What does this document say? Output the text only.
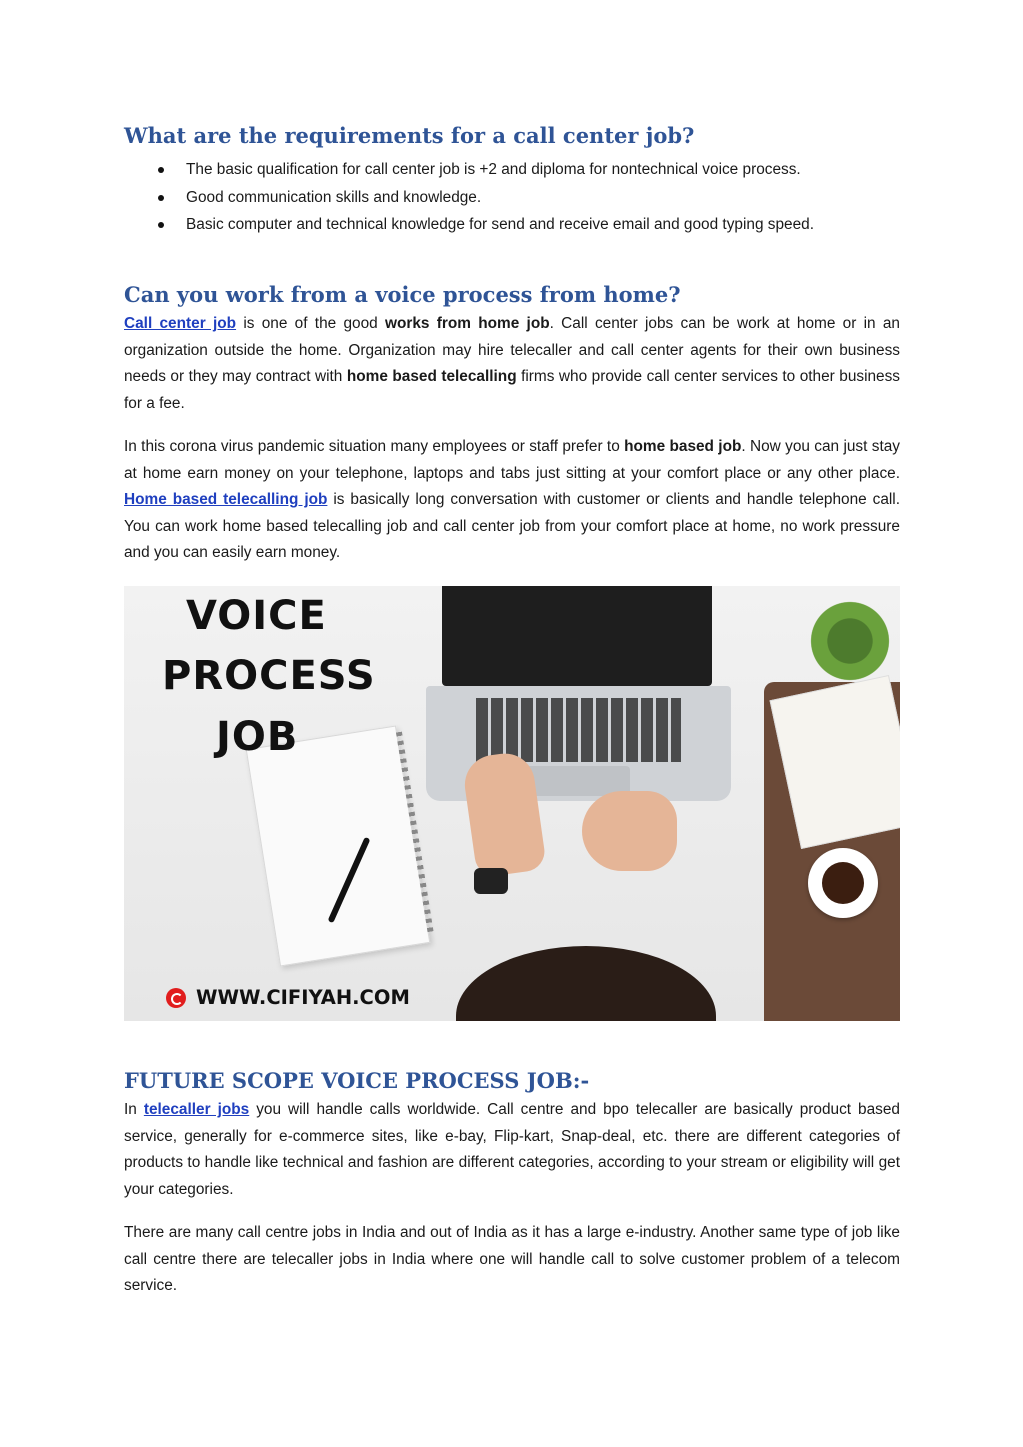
What are the requirements for a call center job?
The basic qualification for call center job is +2 and diploma for nontechnical voice process.
Good communication skills and knowledge.
Basic computer and technical knowledge for send and receive email and good typing speed.
Can you work from a voice process from home?

Call center job is one of the good works from home job. Call center jobs can be work at home or in an organization outside the home. Organization may hire telecaller and call center agents for their own business needs or they may contract with home based telecalling firms who provide call center services to other business for a fee.

In this corona virus pandemic situation many employees or staff prefer to home based job. Now you can just stay at home earn money on your telephone, laptops and tabs just sitting at your comfort place or any other place. Home based telecalling job is basically long conversation with customer or clients and handle telephone call. You can work home based telecalling job and call center job from your comfort place at home, no work pressure and you can easily earn money.

VOICE
PROCESS
JOB
WWW.CIFIYAH.COM
FUTURE SCOPE VOICE PROCESS JOB:-

In telecaller jobs you will handle calls worldwide. Call centre and bpo telecaller are basically product based service, generally for e-commerce sites, like e-bay, Flip-kart, Snap-deal, etc. there are different categories of products to handle like technical and fashion are different categories, according to your stream or eligibility will get your categories.

There are many call centre jobs in India and out of India as it has a large e-industry. Another same type of job like call centre there are telecaller jobs in India where one will handle call to solve customer problem of a telecom service.
